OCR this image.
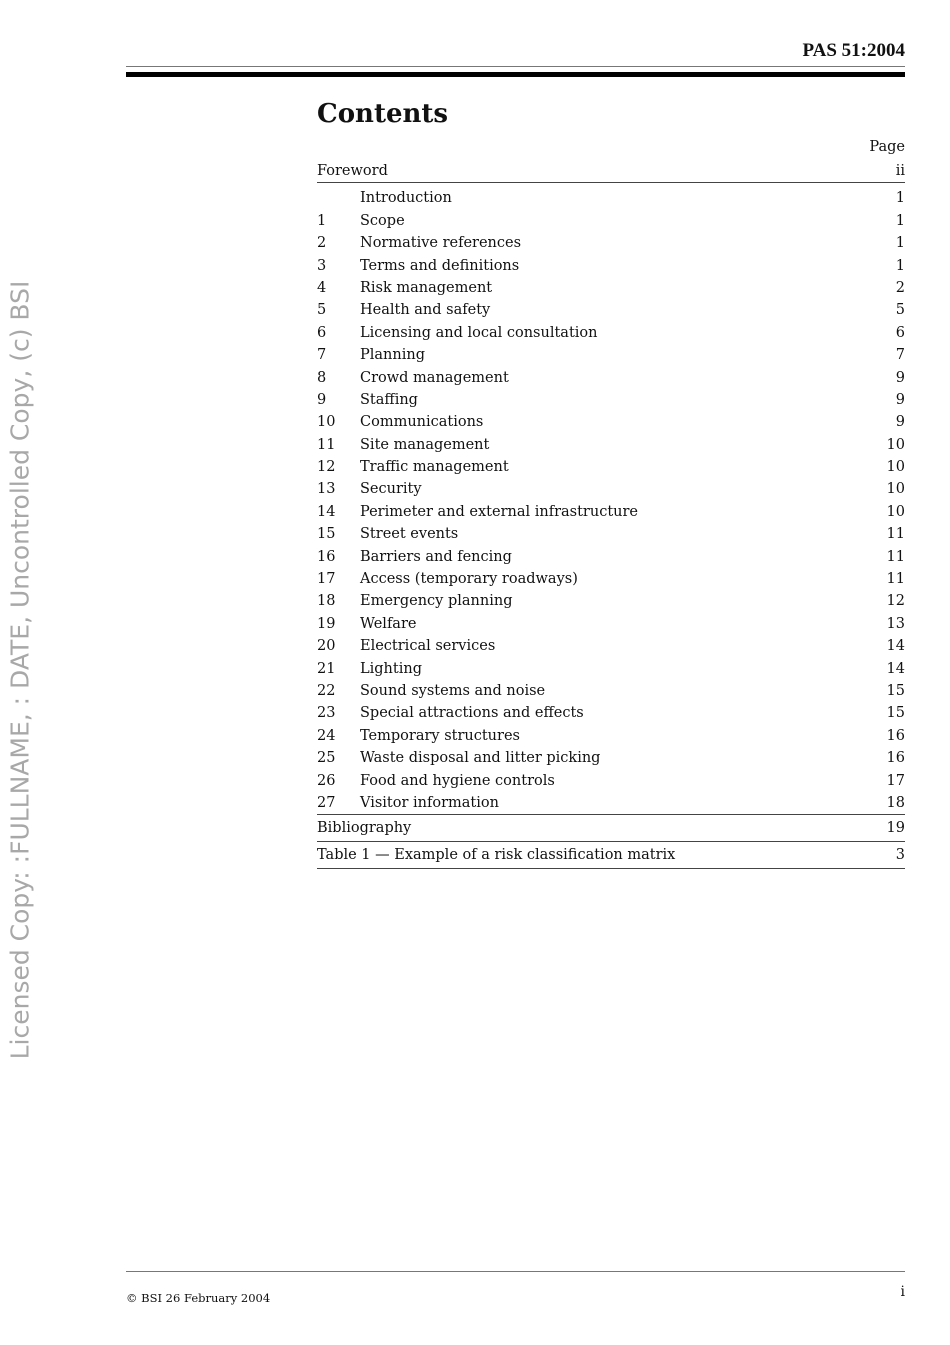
PAS 51:2004
Contents
Page
Foreword	ii
Introduction	1
1 Scope	1
2 Normative references	1
3 Terms and definitions	1
4 Risk management	2
5 Health and safety	5
6 Licensing and local consultation	6
7 Planning	7
8 Crowd management	9
9 Staffing	9
10 Communications	9
11 Site management	10
12 Traffic management	10
13 Security	10
14 Perimeter and external infrastructure	10
15 Street events	11
16 Barriers and fencing	11
17 Access (temporary roadways)	11
18 Emergency planning	12
19 Welfare	13
20 Electrical services	14
21 Lighting	14
22 Sound systems and noise	15
23 Special attractions and effects	15
24 Temporary structures	16
25 Waste disposal and litter picking	16
26 Food and hygiene controls	17
27 Visitor information	18
Bibliography	19
Table 1 — Example of a risk classification matrix	3
Licensed Copy: :FULLNAME, : DATE, Uncontrolled Copy, (c) BSI
© BSI 26 February 2004	i
